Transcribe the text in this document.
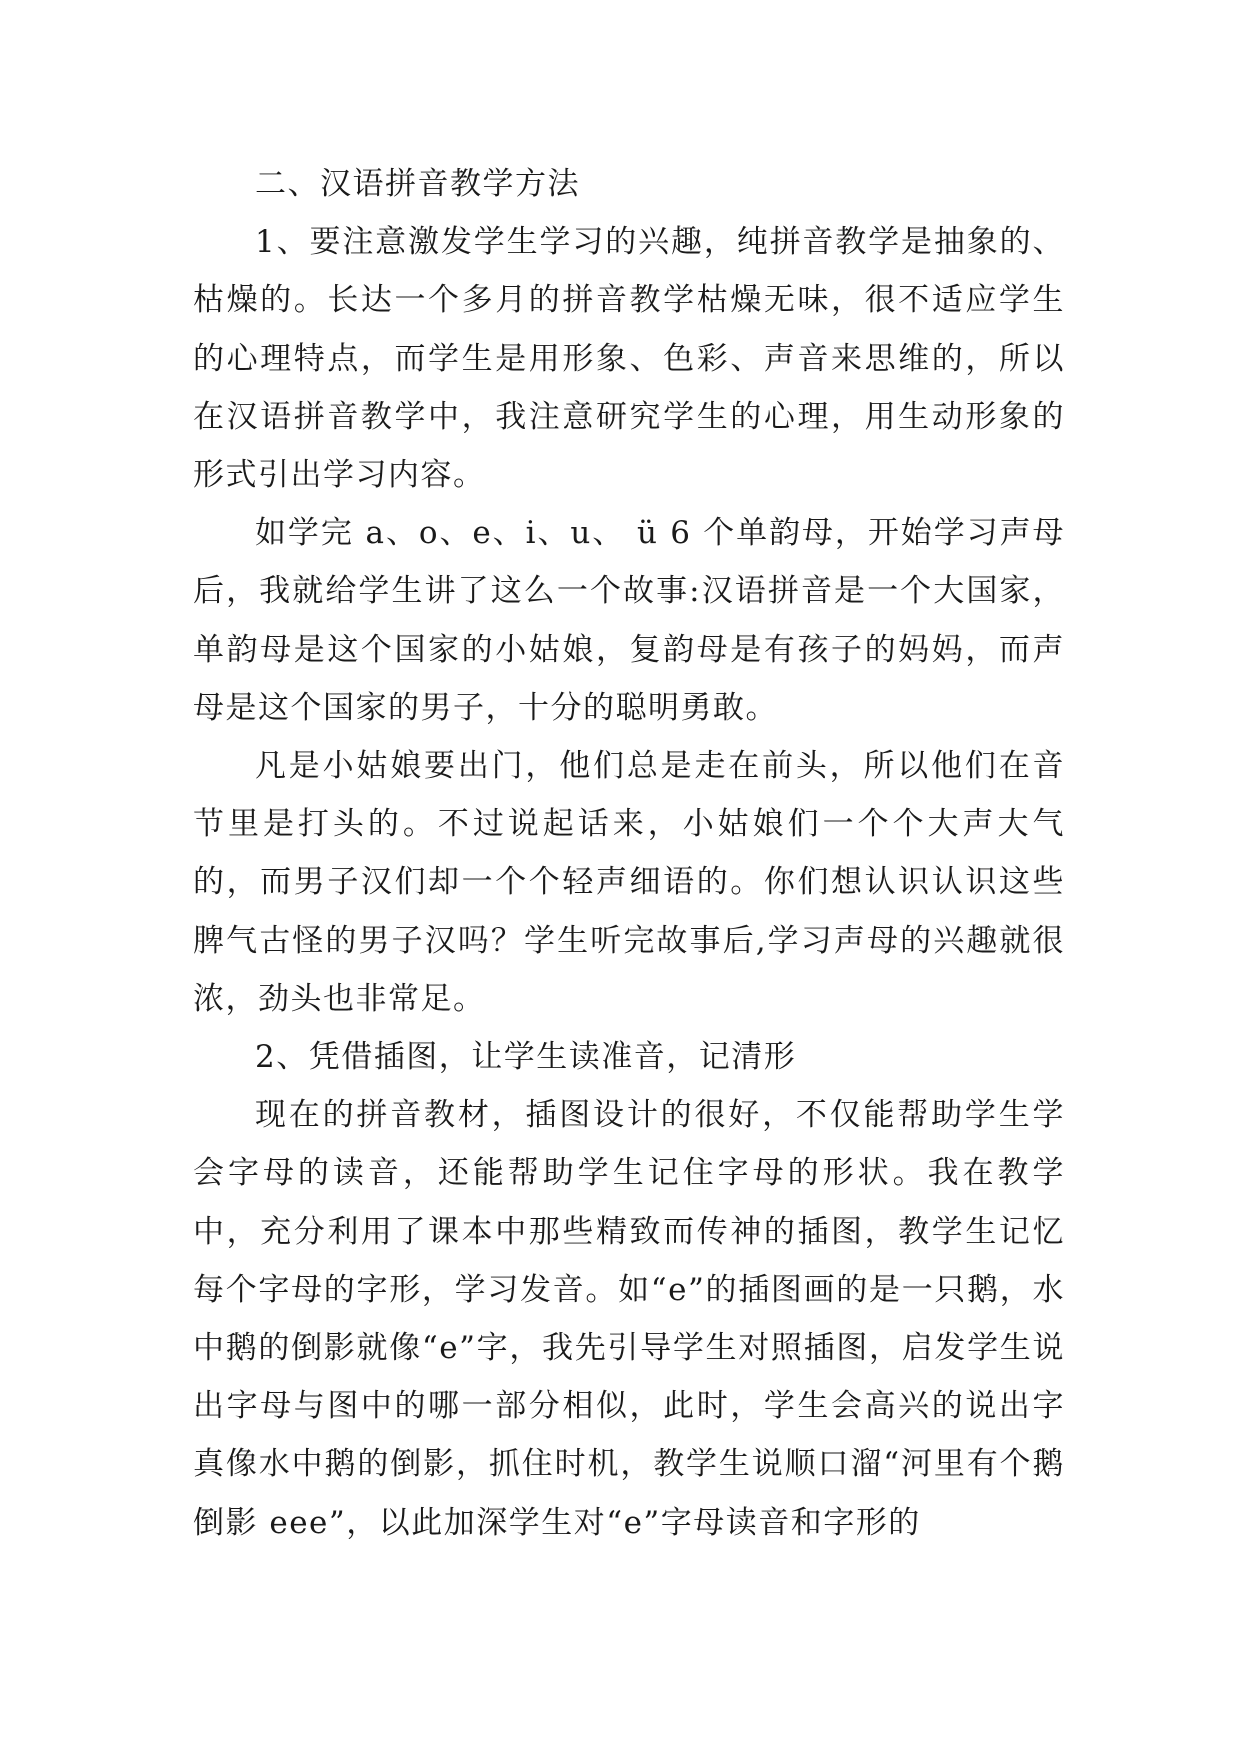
二、汉语拼音教学方法

1、要注意激发学生学习的兴趣，纯拼音教学是抽象的、枯燥的。长达一个多月的拼音教学枯燥无味，很不适应学生的心理特点，而学生是用形象、色彩、声音来思维的，所以在汉语拼音教学中，我注意研究学生的心理，用生动形象的形式引出学习内容。

如学完 a、o、e、i、u、 ü 6 个单韵母，开始学习声母后，我就给学生讲了这么一个故事:汉语拼音是一个大国家，单韵母是这个国家的小姑娘，复韵母是有孩子的妈妈，而声母是这个国家的男子，十分的聪明勇敢。

凡是小姑娘要出门，他们总是走在前头，所以他们在音节里是打头的。不过说起话来，小姑娘们一个个大声大气的，而男子汉们却一个个轻声细语的。你们想认识认识这些脾气古怪的男子汉吗？学生听完故事后,学习声母的兴趣就很浓，劲头也非常足。

2、凭借插图，让学生读准音，记清形

现在的拼音教材，插图设计的很好，不仅能帮助学生学会字母的读音，还能帮助学生记住字母的形状。我在教学中，充分利用了课本中那些精致而传神的插图，教学生记忆每个字母的字形，学习发音。如“e”的插图画的是一只鹅，水中鹅的倒影就像“e”字，我先引导学生对照插图，启发学生说出字母与图中的哪一部分相似，此时，学生会高兴的说出字真像水中鹅的倒影，抓住时机，教学生说顺口溜“河里有个鹅倒影 eee”，以此加深学生对“e”字母读音和字形的
